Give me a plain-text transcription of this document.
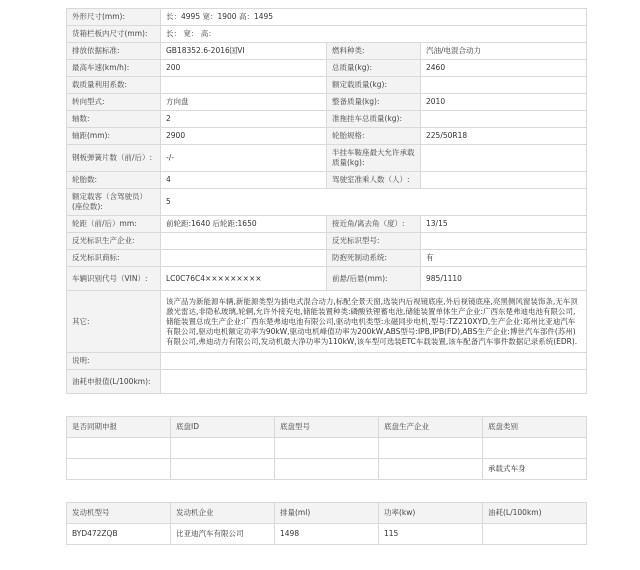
外形尺寸(mm):	长：4995 宽：1900 高：1495		
货箱栏板内尺寸(mm):	长： 宽： 高：		
排放依据标准:	GB18352.6-2016国VI	燃料种类:	汽油/电混合动力
最高车速(km/h):	200	总质量(kg):	2460
载质量利用系数:		额定载质量(kg):	
转向型式:	方向盘	整备质量(kg):	2010
轴数:	2	准拖挂车总质量(kg):	
轴距(mm):	2900	轮胎规格:	225/50R18
钢板弹簧片数（前/后）:	-/-	半挂车鞍座最大允许承载质量(kg):	
轮胎数:	4	驾驶室准乘人数（人）:	
额定载客（含驾驶员）(座位数):	5		
轮距（前/后）mm:	前轮距:1640 后轮距:1650	接近角/离去角（度）:	13/15
反光标识生产企业:		反光标识型号:	
反光标识商标:		防抱死制动系统:	有
车辆识别代号（VIN）:	LC0C76C4×××××××××	前悬/后悬(mm):	985/1110
其它:	该产品为新能源车辆,新能源类型为插电式混合动力,标配全景天窗,选装内后视镜底座,外后视镜底座,亮黑侧风窗装饰条,无车顶激光雷达,非隐私玻璃,轮辋,允许外接充电,储能装置种类:磷酸铁锂蓄电池,储能装置单体生产企业:广西东楚弗迪电池有限公司,储能装置总成生产企业:广西东楚弗迪电池有限公司,驱动电机类型:永磁同步电机,型号:TZ210XYD,生产企业:郑州比亚迪汽车有限公司,驱动电机额定功率为90kW,驱动电机峰值功率为200kW,ABS型号:IPB,IPB(FD),ABS生产企业:博世汽车部件(苏州)有限公司,弗迪动力有限公司,发动机最大净功率为110kW,该车型可选装ETC车载装置,该车配备汽车事件数据记录系统(EDR).		
说明:			
油耗申报值(L/100km):			
是否同期申报	底盘ID	底盘型号	底盘生产企业	底盘类别

				承载式车身
发动机型号	发动机企业	排量(ml)	功率(kw)	油耗(L/100km)
BYD472ZQB	比亚迪汽车有限公司	1498	115	
